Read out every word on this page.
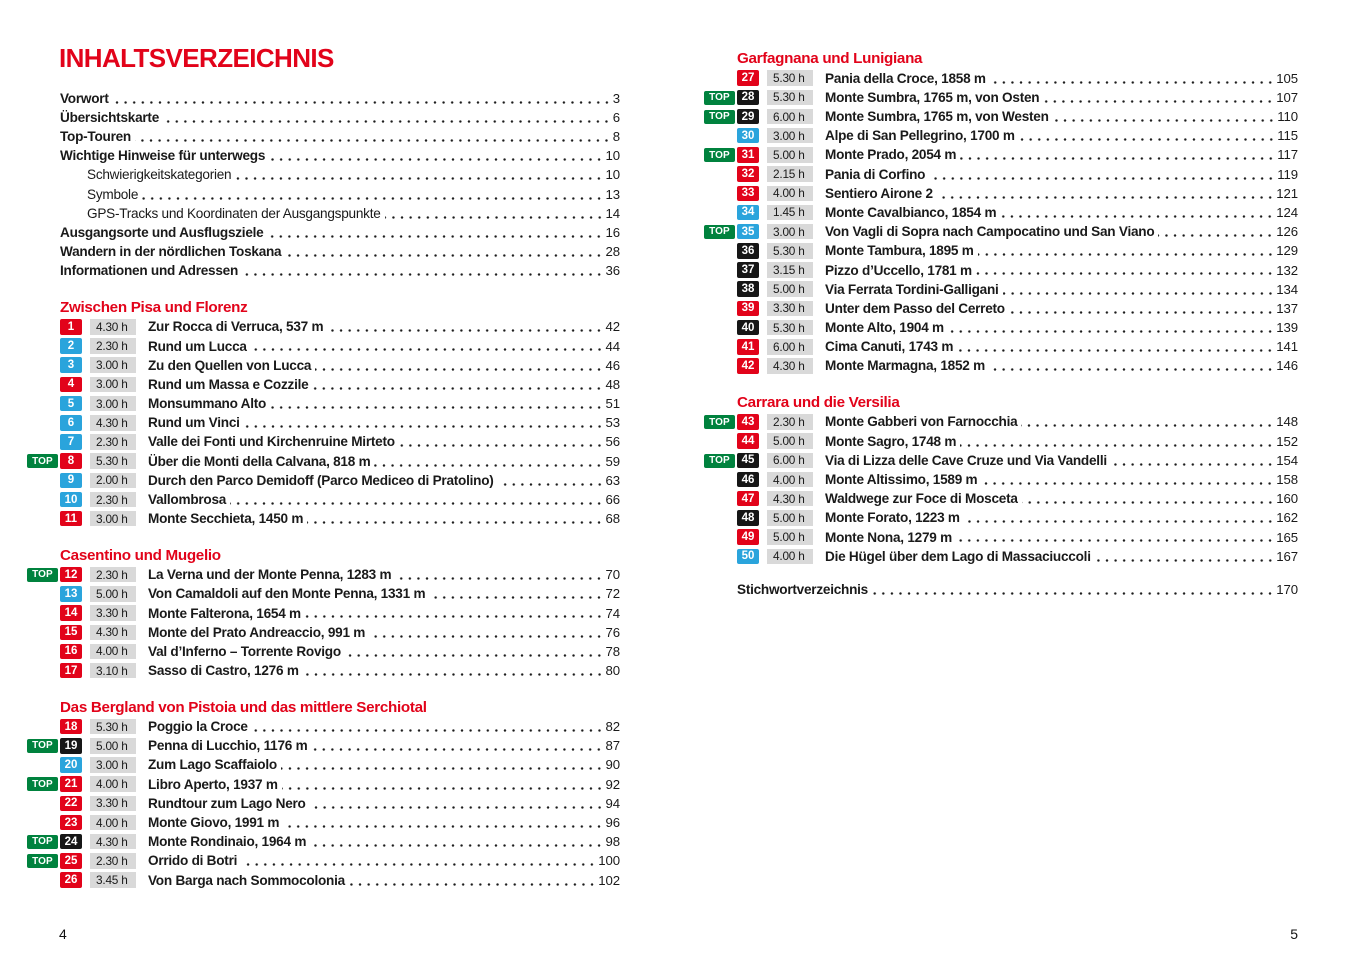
INHALTSVERZEICHNIS
Vorwort	3
Übersichtskarte	6
Top-Touren	8
Wichtige Hinweise für unterwegs	10
Schwierigkeitskategorien	10
Symbole	13
GPS-Tracks und Koordinaten der Ausgangspunkte	14
Ausgangsorte und Ausflugsziele	16
Wandern in der nördlichen Toskana	28
Informationen und Adressen	36
Zwischen Pisa und Florenz
1	4.30 h	Zur Rocca di Verruca, 537 m	42
2	2.30 h	Rund um Lucca	44
3	3.00 h	Zu den Quellen von Lucca	46
4	3.00 h	Rund um Massa e Cozzile	48
5	3.00 h	Monsummano Alto	51
6	4.30 h	Rund um Vinci	53
7	2.30 h	Valle dei Fonti und Kirchenruine Mirteto	56
TOP	8	5.30 h	Über die Monti della Calvana, 818 m	59
9	2.00 h	Durch den Parco Demidoff (Parco Mediceo di Pratolino)	63
10	2.30 h	Vallombrosa	66
11	3.00 h	Monte Secchieta, 1450 m	68
Casentino und Mugelio
TOP	12	2.30 h	La Verna und der Monte Penna, 1283 m	70
13	5.00 h	Von Camaldoli auf den Monte Penna, 1331 m	72
14	3.30 h	Monte Falterona, 1654 m	74
15	4.30 h	Monte del Prato Andreaccio, 991 m	76
16	4.00 h	Val d’Inferno – Torrente Rovigo	78
17	3.10 h	Sasso di Castro, 1276 m	80
Das Bergland von Pistoia und das mittlere Serchiotal
18	5.30 h	Poggio la Croce	82
TOP	19	5.00 h	Penna di Lucchio, 1176 m	87
20	3.00 h	Zum Lago Scaffaiolo	90
TOP	21	4.00 h	Libro Aperto, 1937 m	92
22	3.30 h	Rundtour zum Lago Nero	94
23	4.00 h	Monte Giovo, 1991 m	96
TOP	24	4.30 h	Monte Rondinaio, 1964 m	98
TOP	25	2.30 h	Orrido di Botri	100
26	3.45 h	Von Barga nach Sommocolonia	102
Garfagnana und Lunigiana
27	5.30 h	Pania della Croce, 1858 m	105
TOP	28	5.30 h	Monte Sumbra, 1765 m, von Osten	107
TOP	29	6.00 h	Monte Sumbra, 1765 m, von Westen	110
30	3.00 h	Alpe di San Pellegrino, 1700 m	115
TOP	31	5.00 h	Monte Prado, 2054 m	117
32	2.15 h	Pania di Corfino	119
33	4.00 h	Sentiero Airone 2	121
34	1.45 h	Monte Cavalbianco, 1854 m	124
TOP	35	3.00 h	Von Vagli di Sopra nach Campocatino und San Viano	126
36	5.30 h	Monte Tambura, 1895 m	129
37	3.15 h	Pizzo d’Uccello, 1781 m	132
38	5.00 h	Via Ferrata Tordini-Galligani	134
39	3.30 h	Unter dem Passo del Cerreto	137
40	5.30 h	Monte Alto, 1904 m	139
41	6.00 h	Cima Canuti, 1743 m	141
42	4.30 h	Monte Marmagna, 1852 m	146
Carrara und die Versilia
TOP	43	2.30 h	Monte Gabberi von Farnocchia	148
44	5.00 h	Monte Sagro, 1748 m	152
TOP	45	6.00 h	Via di Lizza delle Cave Cruze und Via Vandelli	154
46	4.00 h	Monte Altissimo, 1589 m	158
47	4.30 h	Waldwege zur Foce di Mosceta	160
48	5.00 h	Monte Forato, 1223 m	162
49	5.00 h	Monte Nona, 1279 m	165
50	4.00 h	Die Hügel über dem Lago di Massaciuccoli	167
Stichwortverzeichnis	170
4	5
